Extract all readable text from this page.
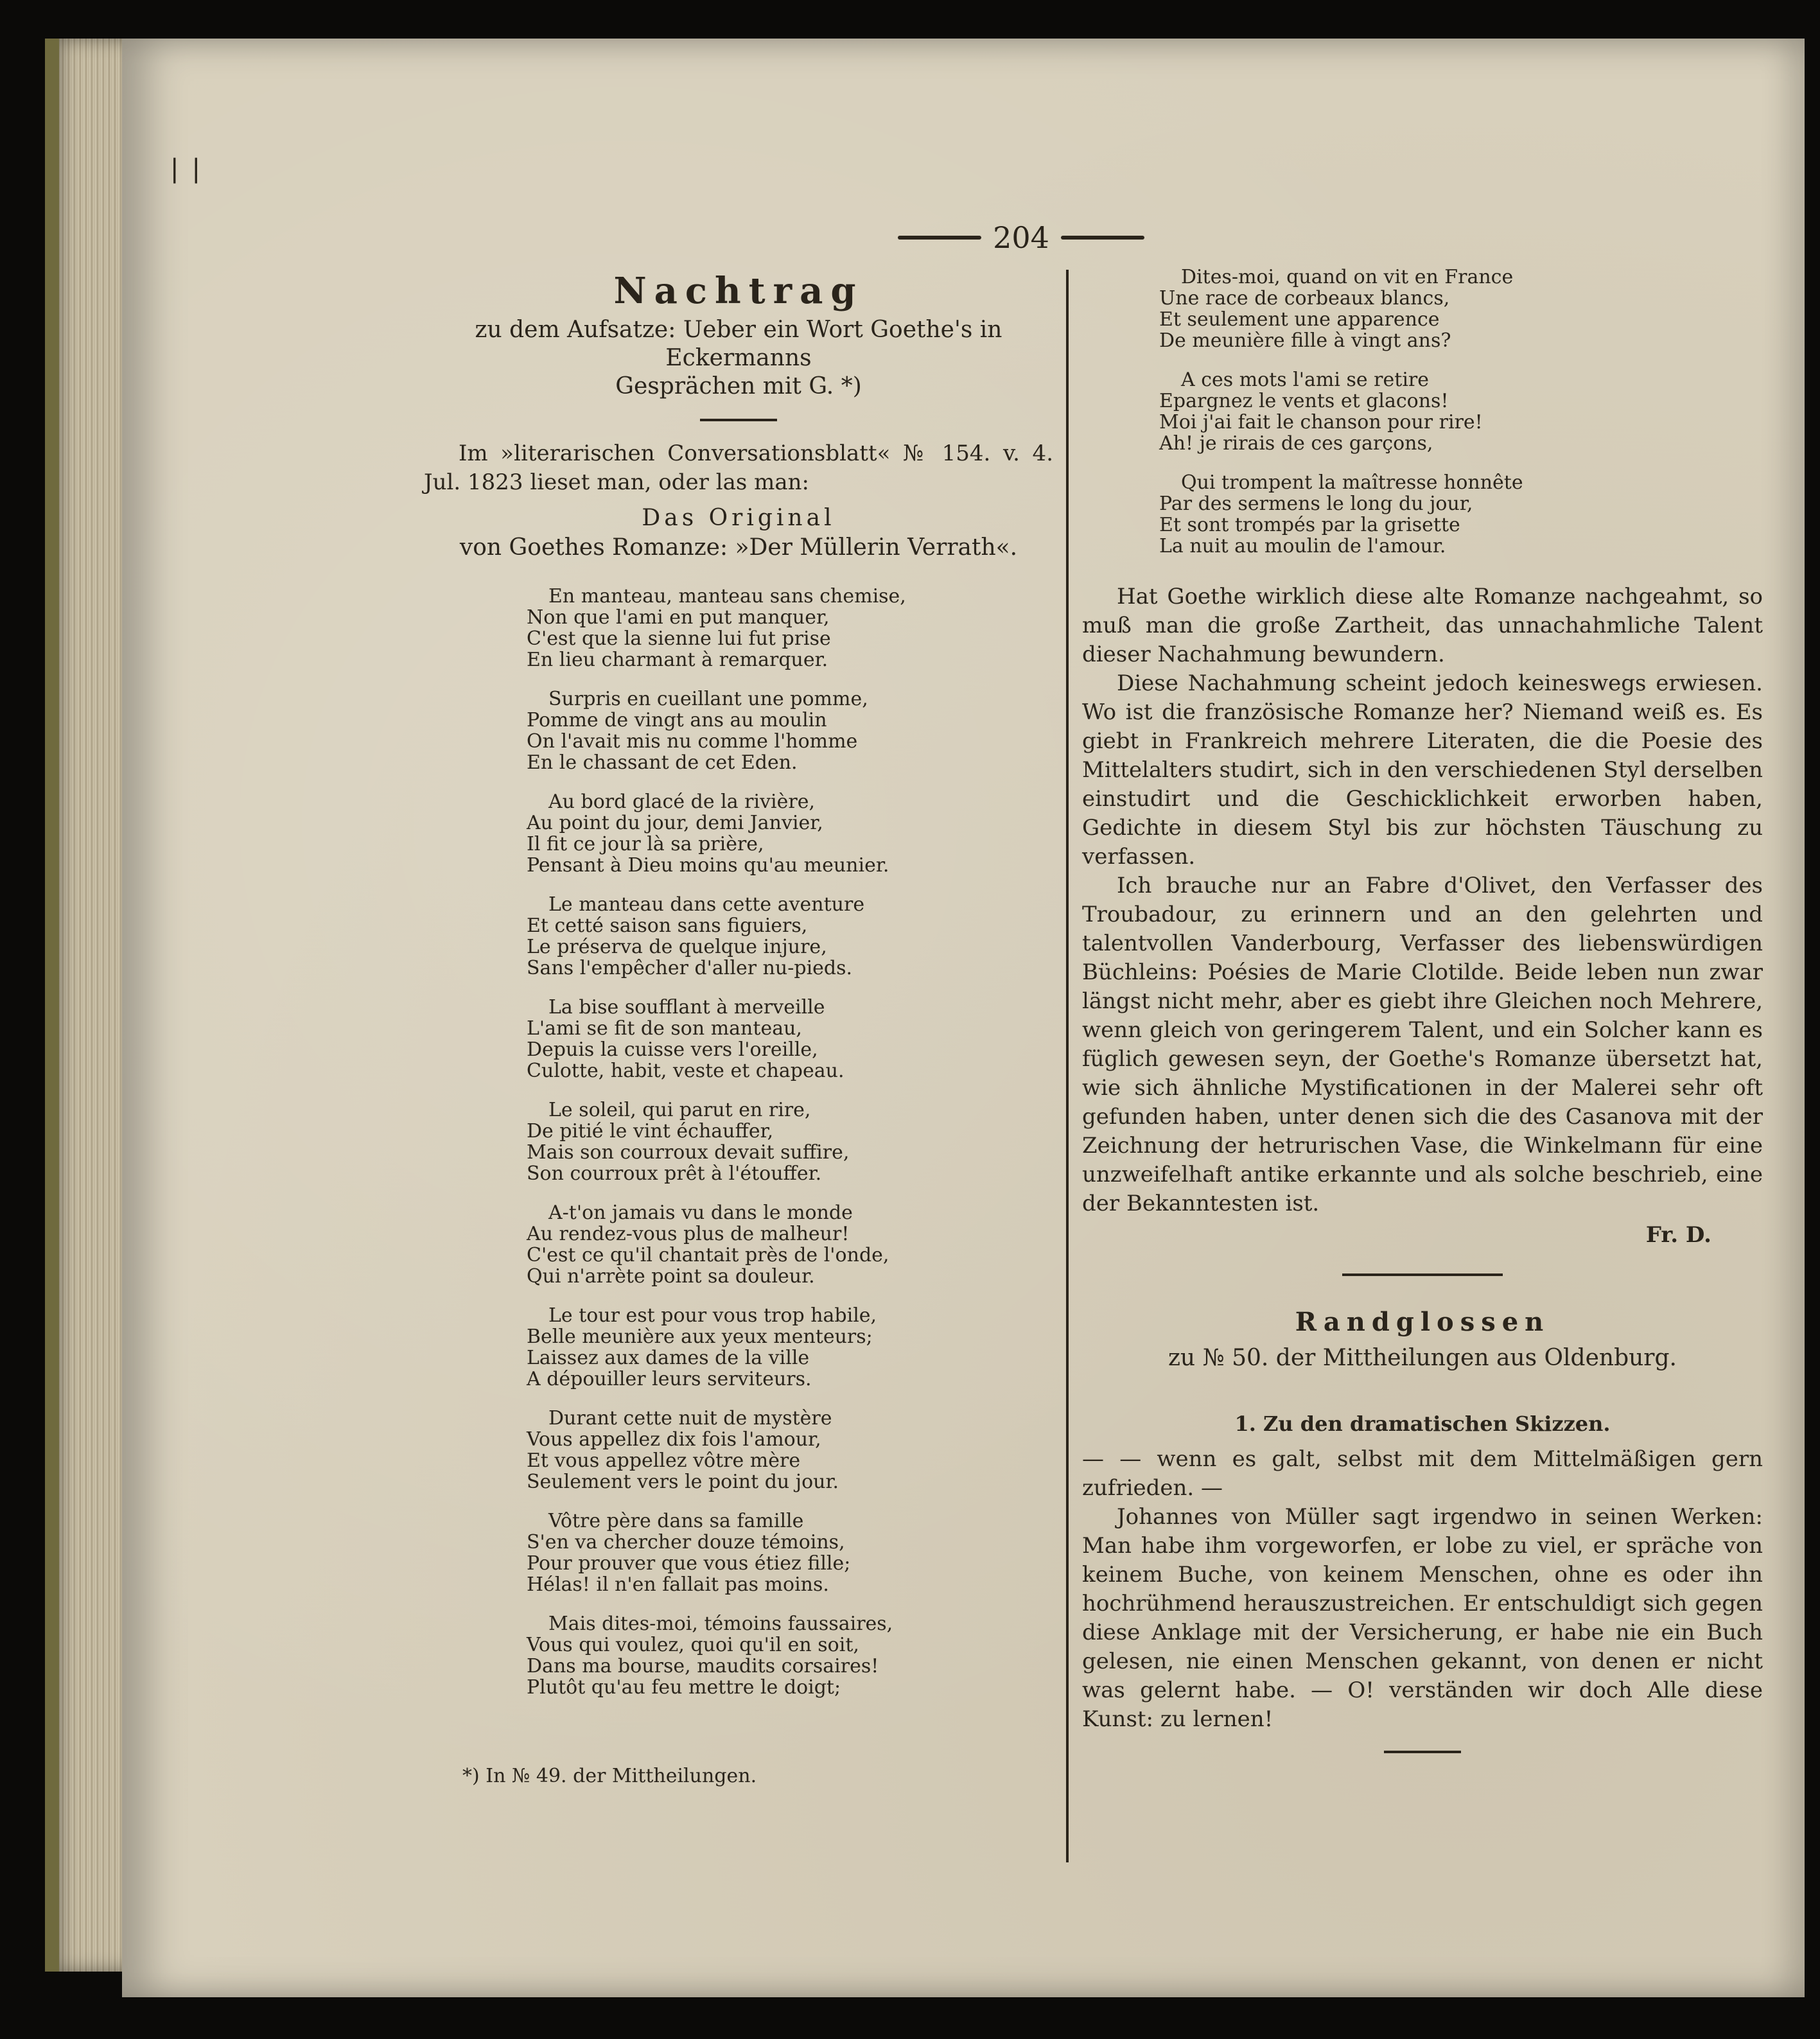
❘❘
204
Nachtrag

zu dem Aufsatze: Ueber ein Wort Goethe's in Eckermanns

Gesprächen mit G. *)

Im »literarischen Conversationsblatt« № 154. v. 4. Jul. 1823 lieset man, oder las man:

Das Original

von Goethes Romanze: »Der Müllerin Verrath«.

En manteau, manteau sans chemise,
Non que l'ami en put manquer,
C'est que la sienne lui fut prise
En lieu charmant à remarquer.
Surpris en cueillant une pomme,
Pomme de vingt ans au moulin
On l'avait mis nu comme l'homme
En le chassant de cet Eden.
Au bord glacé de la rivière,
Au point du jour, demi Janvier,
Il fit ce jour là sa prière,
Pensant à Dieu moins qu'au meunier.
Le manteau dans cette aventure
Et cetté saison sans figuiers,
Le préserva de quelque injure,
Sans l'empêcher d'aller nu-pieds.
La bise soufflant à merveille
L'ami se fit de son manteau,
Depuis la cuisse vers l'oreille,
Culotte, habit, veste et chapeau.
Le soleil, qui parut en rire,
De pitié le vint échauffer,
Mais son courroux devait suffire,
Son courroux prêt à l'étouffer.
A-t'on jamais vu dans le monde
Au rendez-vous plus de malheur!
C'est ce qu'il chantait près de l'onde,
Qui n'arrète point sa douleur.
Le tour est pour vous trop habile,
Belle meunière aux yeux menteurs;
Laissez aux dames de la ville
A dépouiller leurs serviteurs.
Durant cette nuit de mystère
Vous appellez dix fois l'amour,
Et vous appellez vôtre mère
Seulement vers le point du jour.
Vôtre père dans sa famille
S'en va chercher douze témoins,
Pour prouver que vous étiez fille;
Hélas! il n'en fallait pas moins.
Mais dites-moi, témoins faussaires,
Vous qui voulez, quoi qu'il en soit,
Dans ma bourse, maudits corsaires!
Plutôt qu'au feu mettre le doigt;
*) In № 49. der Mittheilungen.
Dites-moi, quand on vit en France
Une race de corbeaux blancs,
Et seulement une apparence
De meunière fille à vingt ans?
A ces mots l'ami se retire
Epargnez le vents et glacons!
Moi j'ai fait le chanson pour rire!
Ah! je rirais de ces garçons,
Qui trompent la maîtresse honnête
Par des sermens le long du jour,
Et sont trompés par la grisette
La nuit au moulin de l'amour.

Hat Goethe wirklich diese alte Romanze nachgeahmt, so muß man die große Zartheit, das unnachahmliche Talent dieser Nachahmung bewundern.

Diese Nachahmung scheint jedoch keineswegs erwiesen. Wo ist die französische Romanze her? Niemand weiß es. Es giebt in Frankreich mehrere Literaten, die die Poesie des Mittelalters studirt, sich in den verschiedenen Styl derselben einstudirt und die Geschicklichkeit erworben haben, Gedichte in diesem Styl bis zur höchsten Täuschung zu verfassen.

Ich brauche nur an Fabre d'Olivet, den Verfasser des Troubadour, zu erinnern und an den gelehrten und talentvollen Vanderbourg, Verfasser des liebenswürdigen Büchleins: Poésies de Marie Clotilde. Beide leben nun zwar längst nicht mehr, aber es giebt ihre Gleichen noch Mehrere, wenn gleich von geringerem Talent, und ein Solcher kann es füglich gewesen seyn, der Goethe's Romanze übersetzt hat, wie sich ähnliche Mystificationen in der Malerei sehr oft gefunden haben, unter denen sich die des Casanova mit der Zeichnung der hetrurischen Vase, die Winkelmann für eine unzweifelhaft antike erkannte und als solche beschrieb, eine der Bekanntesten ist.

Fr. D.
Randglossen

zu № 50. der Mittheilungen aus Oldenburg.

1. Zu den dramatischen Skizzen.

— — wenn es galt, selbst mit dem Mittelmäßigen gern zufrieden. —

Johannes von Müller sagt irgendwo in seinen Werken: Man habe ihm vorgeworfen, er lobe zu viel, er spräche von keinem Buche, von keinem Menschen, ohne es oder ihn hochrühmend herauszustreichen. Er entschuldigt sich gegen diese Anklage mit der Versicherung, er habe nie ein Buch gelesen, nie einen Menschen gekannt, von denen er nicht was gelernt habe. — O! verständen wir doch Alle diese Kunst: zu lernen!
